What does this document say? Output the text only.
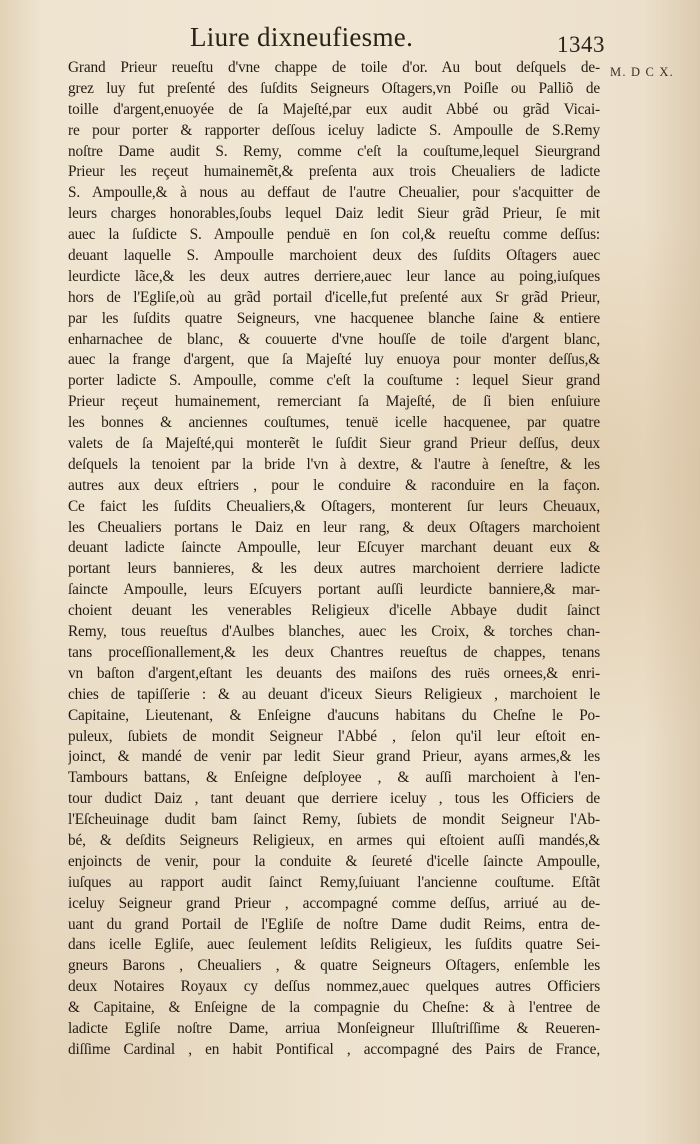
Liure dixneufiesme.	1343
M. D C X.
Grand Prieur reueſtu d'vne chappe de toile d'or. Au bout deſquels de-
grez luy fut preſenté des ſuſdits Seigneurs Oſtagers,vn Poiſle ou Palliõ de
toille d'argent,enuoyée de ſa Majeſté,par eux audit Abbé ou grãd Vicai-
re pour porter & rapporter deſſous iceluy ladicte S. Ampoulle de S.Remy
noſtre Dame audit S. Remy, comme c'eſt la couſtume,lequel Sieurgrand
Prieur les reçeut humainemẽt,& preſenta aux trois Cheualiers de ladicte
S. Ampoulle,& à nous au deffaut de l'autre Cheualier, pour s'acquitter de
leurs charges honorables,ſoubs lequel Daiz ledit Sieur grãd Prieur, ſe mit
auec la ſuſdicte S. Ampoulle penduë en ſon col,& reueſtu comme deſſus:
deuant laquelle S. Ampoulle marchoient deux des ſuſdits Oſtagers auec
leurdicte lãce,& les deux autres derriere,auec leur lance au poing,iuſques
hors de l'Egliſe,où au grãd portail d'icelle,fut preſenté aux Sr grãd Prieur,
par les ſuſdits quatre Seigneurs, vne hacquenee blanche ſaine & entiere
enharnachee de blanc, & couuerte d'vne houſſe de toile d'argent blanc,
auec la frange d'argent, que ſa Majeſté luy enuoya pour monter deſſus,&
porter ladicte S. Ampoulle, comme c'eſt la couſtume : lequel Sieur grand
Prieur reçeut humainement, remerciant ſa Majeſté, de ſi bien enſuiure
les bonnes & anciennes couſtumes, tenuë icelle hacquenee, par quatre
valets de ſa Majeſté,qui monterẽt le ſuſdit Sieur grand Prieur deſſus, deux
deſquels la tenoient par la bride l'vn à dextre, & l'autre à ſeneſtre, & les
autres aux deux eſtriers , pour le conduire & raconduire en la façon.
Ce faict les ſuſdits Cheualiers,& Oſtagers, monterent ſur leurs Cheuaux,
les Cheualiers portans le Daiz en leur rang, & deux Oſtagers marchoient
deuant ladicte ſaincte Ampoulle, leur Eſcuyer marchant deuant eux &
portant leurs bannieres, & les deux autres marchoient derriere ladicte
ſaincte Ampoulle, leurs Eſcuyers portant auſſi leurdicte banniere,& mar-
choient deuant les venerables Religieux d'icelle Abbaye dudit ſainct
Remy, tous reueſtus d'Aulbes blanches, auec les Croix, & torches chan-
tans proceſſionallement,& les deux Chantres reueſtus de chappes, tenans
vn baſton d'argent,eſtant les deuants des maiſons des ruës ornees,& enri-
chies de tapiſſerie : & au deuant d'iceux Sieurs Religieux , marchoient le
Capitaine, Lieutenant, & Enſeigne d'aucuns habitans du Cheſne le Po-
puleux, ſubiets de mondit Seigneur l'Abbé , ſelon qu'il leur eſtoit en-
joinct, & mandé de venir par ledit Sieur grand Prieur, ayans armes,& les
Tambours battans, & Enſeigne deſployee , & auſſi marchoient à l'en-
tour dudict Daiz , tant deuant que derriere iceluy , tous les Officiers de
l'Eſcheuinage dudit bam ſainct Remy, ſubiets de mondit Seigneur l'Ab-
bé, & deſdits Seigneurs Religieux, en armes qui eſtoient auſſi mandés,&
enjoincts de venir, pour la conduite & ſeureté d'icelle ſaincte Ampoulle,
iuſques au rapport audit ſainct Remy,ſuiuant l'ancienne couſtume. Eſtãt
iceluy Seigneur grand Prieur , accompagné comme deſſus, arriué au de-
uant du grand Portail de l'Egliſe de noſtre Dame dudit Reims, entra de-
dans icelle Egliſe, auec ſeulement leſdits Religieux, les ſuſdits quatre Sei-
gneurs Barons , Cheualiers , & quatre Seigneurs Oſtagers, enſemble les
deux Notaires Royaux cy deſſus nommez,auec quelques autres Officiers
& Capitaine, & Enſeigne de la compagnie du Cheſne: & à l'entree de
ladicte Egliſe noſtre Dame, arriua Monſeigneur Illuſtriſſime & Reueren-
diſſime Cardinal , en habit Pontifical , accompagné des Pairs de France,
